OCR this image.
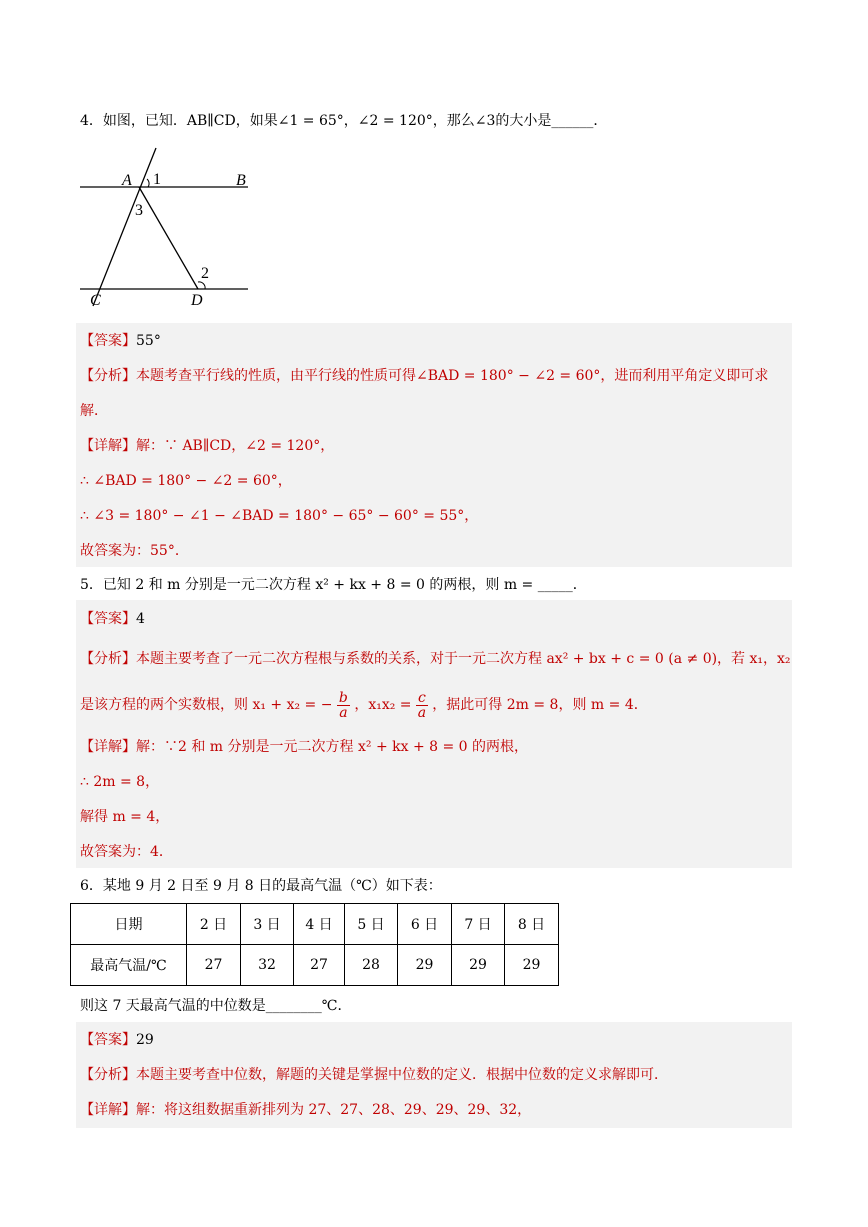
4．如图，已知．AB∥CD，如果∠1 = 65°，∠2 = 120°，那么∠3的大小是______．
A 1	B
3
2
C	D
【答案】55°
【分析】本题考查平行线的性质，由平行线的性质可得∠BAD = 180° − ∠2 = 60°，进而利用平角定义即可求
解．
【详解】解：∵ AB∥CD，∠2 = 120°，
∴ ∠BAD = 180° − ∠2 = 60°，
∴ ∠3 = 180° − ∠1 − ∠BAD = 180° − 65° − 60° = 55°，
故答案为：55°．
5．已知 2 和 m 分别是一元二次方程 x² + kx + 8 = 0 的两根，则 m = _____．
【答案】4
【分析】本题主要考查了一元二次方程根与系数的关系，对于一元二次方程 ax² + bx + c = 0 (a ≠ 0)，若 x₁，x₂
是该方程的两个实数根，则 x₁ + x₂ = − $\frac{b}{a}$ ，$x_1x_2 = \frac{c}{a}$ ，据此可得 2m = 8，则 m = 4．
【详解】解：∵2 和 m 分别是一元二次方程 x² + kx + 8 = 0 的两根，
∴ 2m = 8，
解得 m = 4，
故答案为：4．
6．某地 9 月 2 日至 9 月 8 日的最高气温（℃）如下表：
日期	2 日	3 日	4 日	5 日	6 日	7 日	8 日
最高气温/℃	27	32	27	28	29	29	29
则这 7 天最高气温的中位数是________℃．
【答案】29
【分析】本题主要考查中位数，解题的关键是掌握中位数的定义．根据中位数的定义求解即可．
【详解】解：将这组数据重新排列为 27、27、28、29、29、29、32，
